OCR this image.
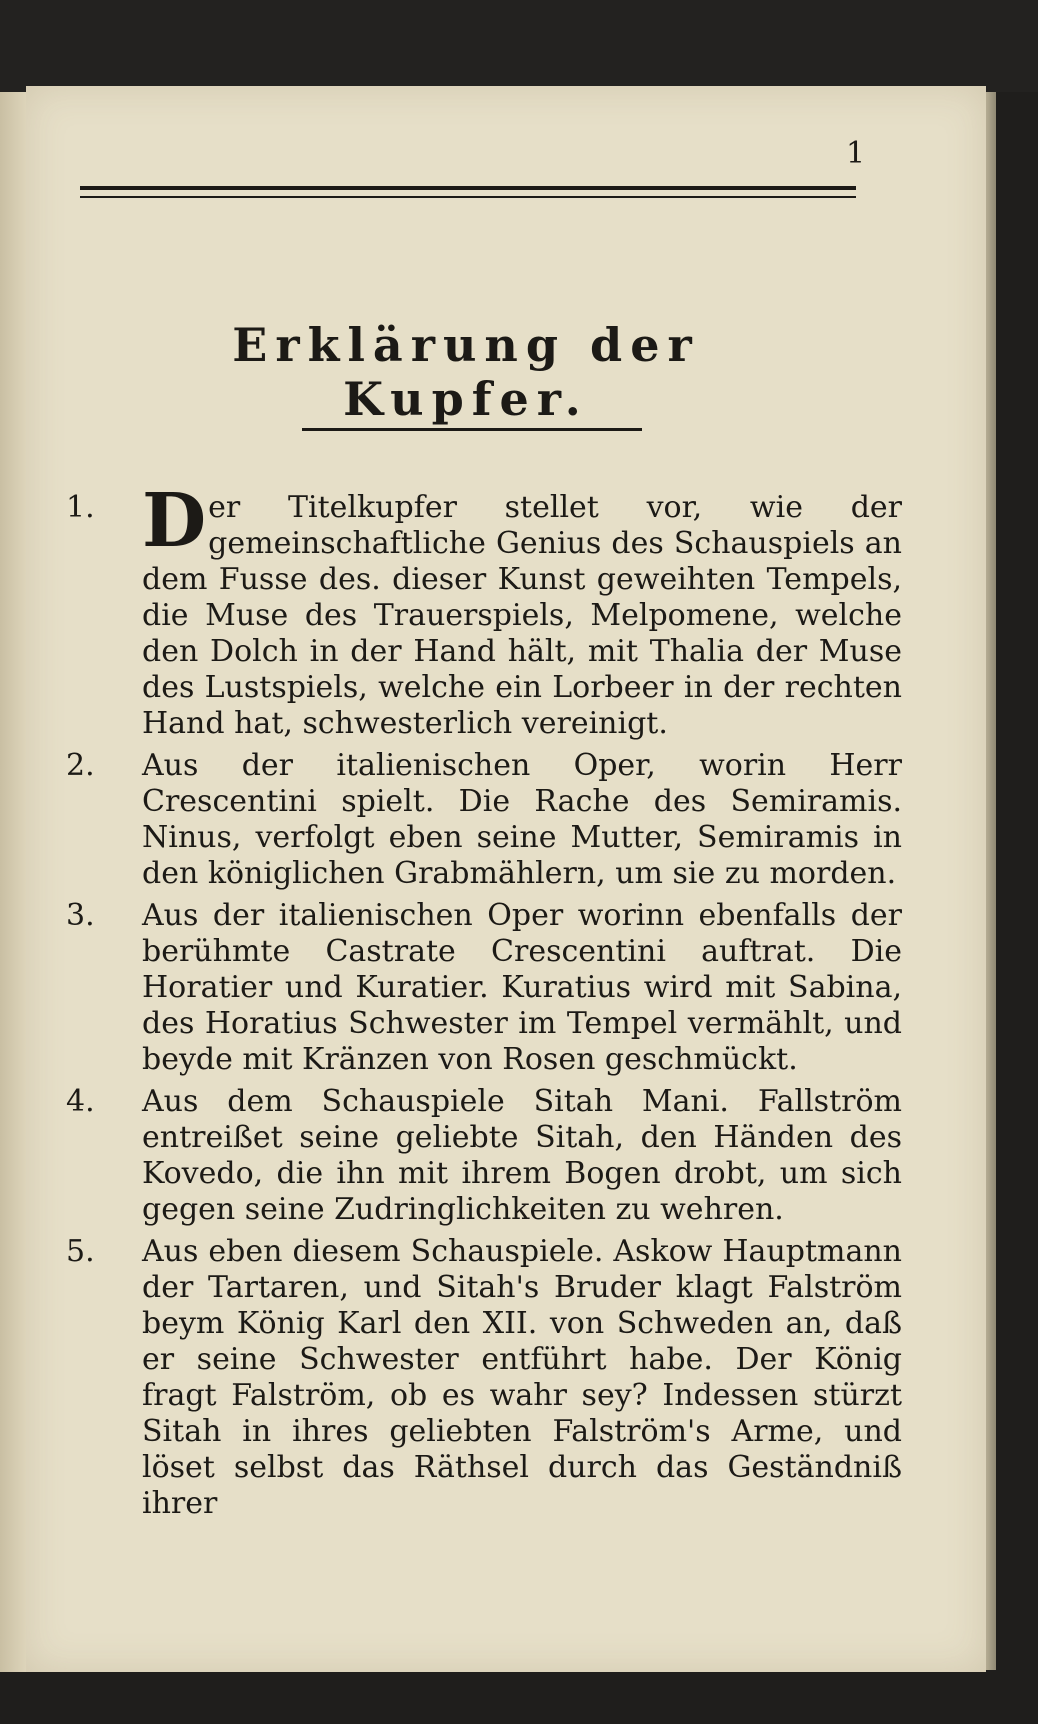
1
Erklärung der Kupfer.
1. D er Titelkupfer stellet vor, wie der gemeinschaftliche Genius des Schauspiels an dem Fusse des. dieser Kunst geweihten Tempels, die Muse des Trauerspiels, Melpomene, welche den Dolch in der Hand hält, mit Thalia der Muse des Lustspiels, welche ein Lorbeer in der rechten Hand hat, schwesterlich vereinigt.
2. Aus der italienischen Oper, worin Herr Crescentini spielt. Die Rache des Semiramis. Ninus, verfolgt eben seine Mutter, Semiramis in den königlichen Grabmählern, um sie zu morden.
3. Aus der italienischen Oper worinn ebenfalls der berühmte Castrate Crescentini auftrat. Die Horatier und Kuratier. Kuratius wird mit Sabina, des Horatius Schwester im Tempel vermählt, und beyde mit Kränzen von Rosen geschmückt.
4. Aus dem Schauspiele Sitah Mani. Fallström entreißet seine geliebte Sitah, den Händen des Kovedo, die ihn mit ihrem Bogen drobt, um sich gegen seine Zudringlichkeiten zu wehren.
5. Aus eben diesem Schauspiele. Askow Hauptmann der Tartaren, und Sitah's Bruder klagt Falström beym König Karl den XII. von Schweden an, daß er seine Schwester entführt habe. Der König fragt Falström, ob es wahr sey? Indessen stürzt Sitah in ihres geliebten Falström's Arme, und löset selbst das Räthsel durch das Geständniß ihrer
